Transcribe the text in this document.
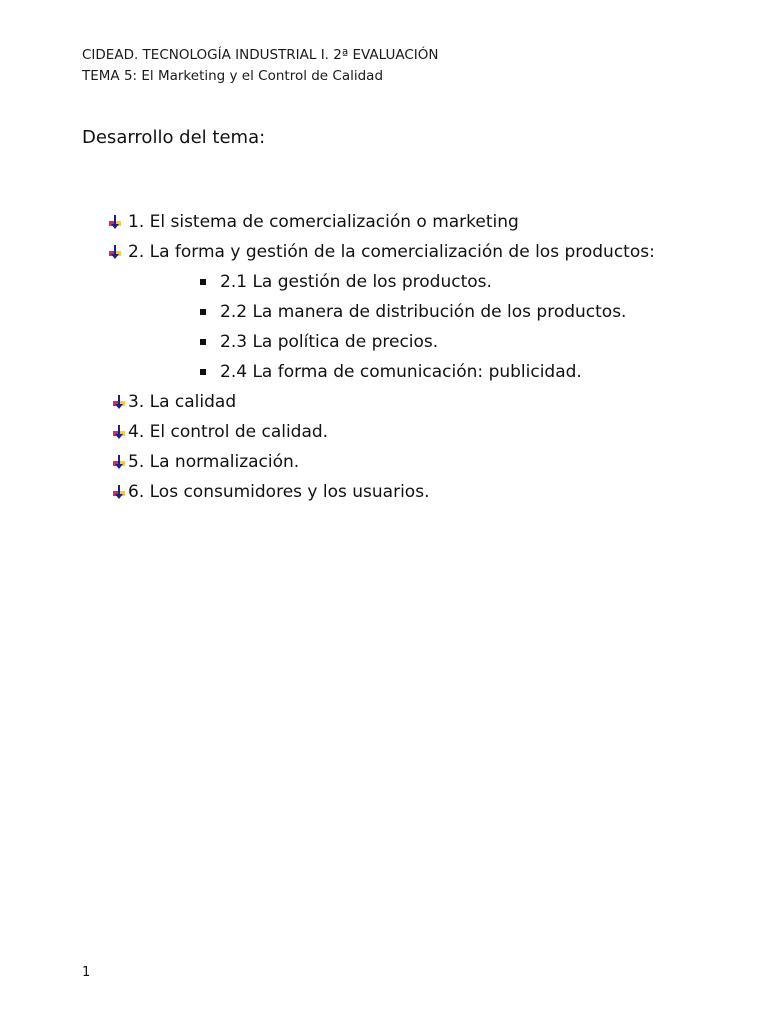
CIDEAD. TECNOLOGÍA INDUSTRIAL I. 2ª EVALUACIÓN
TEMA 5: El Marketing y el Control de Calidad
Desarrollo del tema:
1. El sistema de comercialización o marketing
2. La forma y gestión de la comercialización de los productos:
2.1 La gestión de los productos.
2.2 La manera de distribución de los productos.
2.3 La política de precios.
2.4 La forma de comunicación: publicidad.
3. La calidad
4. El control de calidad.
5. La normalización.
6. Los consumidores y los usuarios.
1
